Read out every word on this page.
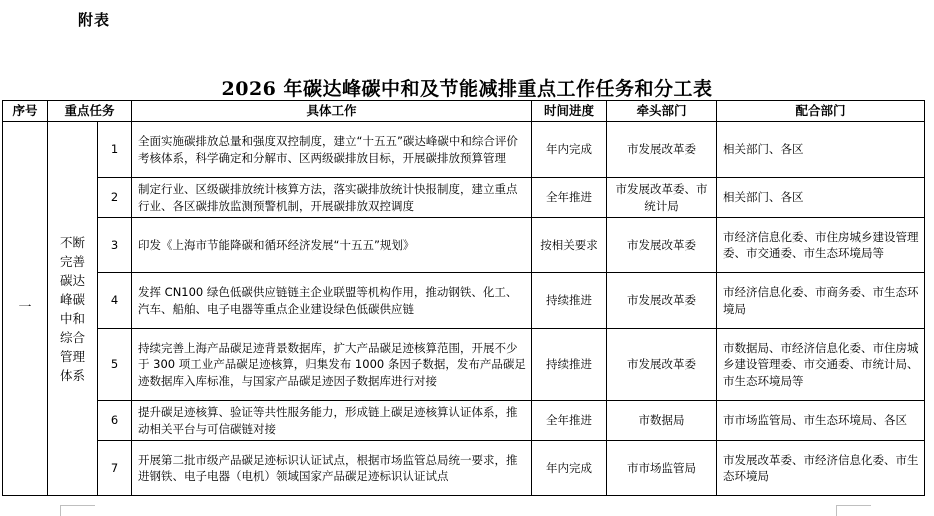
附表
2026 年碳达峰碳中和及节能减排重点工作任务和分工表
序号	重点任务		具体工作	时间进度	牵头部门	配合部门
一	不断完善碳达峰碳中和综合管理体系	1	全面实施碳排放总量和强度双控制度，建立“十五五”碳达峰碳中和综合评价考核体系，科学确定和分解市、区两级碳排放目标，开展碳排放预算管理	年内完成	市发展改革委	相关部门、各区
		2	制定行业、区级碳排放统计核算方法，落实碳排放统计快报制度，建立重点行业、各区碳排放监测预警机制，开展碳排放双控调度	全年推进	市发展改革委、市统计局	相关部门、各区
		3	印发《上海市节能降碳和循环经济发展“十五五”规划》	按相关要求	市发展改革委	市经济信息化委、市住房城乡建设管理委、市交通委、市生态环境局等
		4	发挥 CN100 绿色低碳供应链链主企业联盟等机构作用，推动钢铁、化工、汽车、船舶、电子电器等重点企业建设绿色低碳供应链	持续推进	市发展改革委	市经济信息化委、市商务委、市生态环境局
		5	持续完善上海产品碳足迹背景数据库，扩大产品碳足迹核算范围，开展不少于 300 项工业产品碳足迹核算，归集发布 1000 条因子数据，发布产品碳足迹数据库入库标准，与国家产品碳足迹因子数据库进行对接	持续推进	市发展改革委	市数据局、市经济信息化委、市住房城乡建设管理委、市交通委、市统计局、市生态环境局等
		6	提升碳足迹核算、验证等共性服务能力，形成链上碳足迹核算认证体系，推动相关平台与可信碳链对接	全年推进	市数据局	市市场监管局、市生态环境局、各区
		7	开展第二批市级产品碳足迹标识认证试点，根据市场监管总局统一要求，推进钢铁、电子电器（电机）领域国家产品碳足迹标识认证试点	年内完成	市市场监管局	市发展改革委、市经济信息化委、市生态环境局
